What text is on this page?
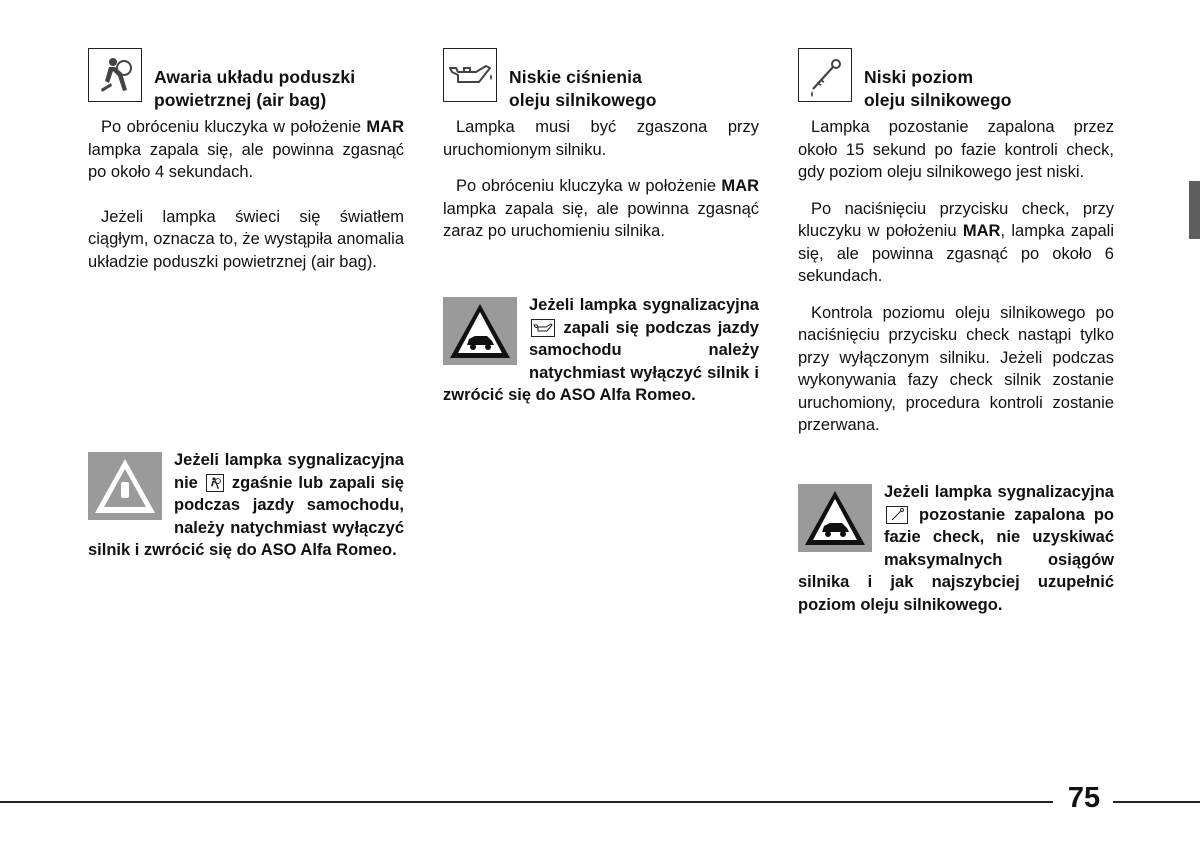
Awaria układu poduszki
powietrznej (air bag)

Po obróceniu kluczyka w położenie MAR lampka zapala się, ale powinna zgasnąć po około 4 sekundach.

Jeżeli lampka świeci się światłem ciągłym, oznacza to, że wystąpiła anomalia układzie poduszki powietrznej (air bag).

Jeżeli lampka sygnalizacyjna nie
zgaśnie lub zapali się podczas jazdy samochodu, należy natychmiast wyłączyć silnik i zwrócić się do ASO Alfa Romeo.

Niskie ciśnienia
oleju silnikowego

Lampka musi być zgaszona przy uruchomionym silniku.

Po obróceniu kluczyka w położenie MAR lampka zapala się, ale powinna zgasnąć zaraz po uruchomieniu silnika.

Jeżeli lampka sygnalizacyjna
zapali się podczas jazdy samochodu należy natychmiast wyłączyć silnik i zwrócić się do ASO Alfa Romeo.

Niski poziom
oleju silnikowego

Lampka pozostanie zapalona przez około 15 sekund po fazie kontroli check, gdy poziom oleju silnikowego jest niski.

Po naciśnięciu przycisku check, przy kluczyku w położeniu MAR, lampka zapali się, ale powinna zgasnąć po około 6 sekundach.

Kontrola poziomu oleju silnikowego po naciśnięciu przycisku check nastąpi tylko przy wyłączonym silniku. Jeżeli podczas wykonywania fazy check silnik zostanie uruchomiony, procedura kontroli zostanie przerwana.

Jeżeli lampka sygnalizacyjna
pozostanie zapalona po fazie check, nie uzyskiwać maksymalnych osiągów silnika i jak najszybciej uzupełnić poziom oleju silnikowego.

75
